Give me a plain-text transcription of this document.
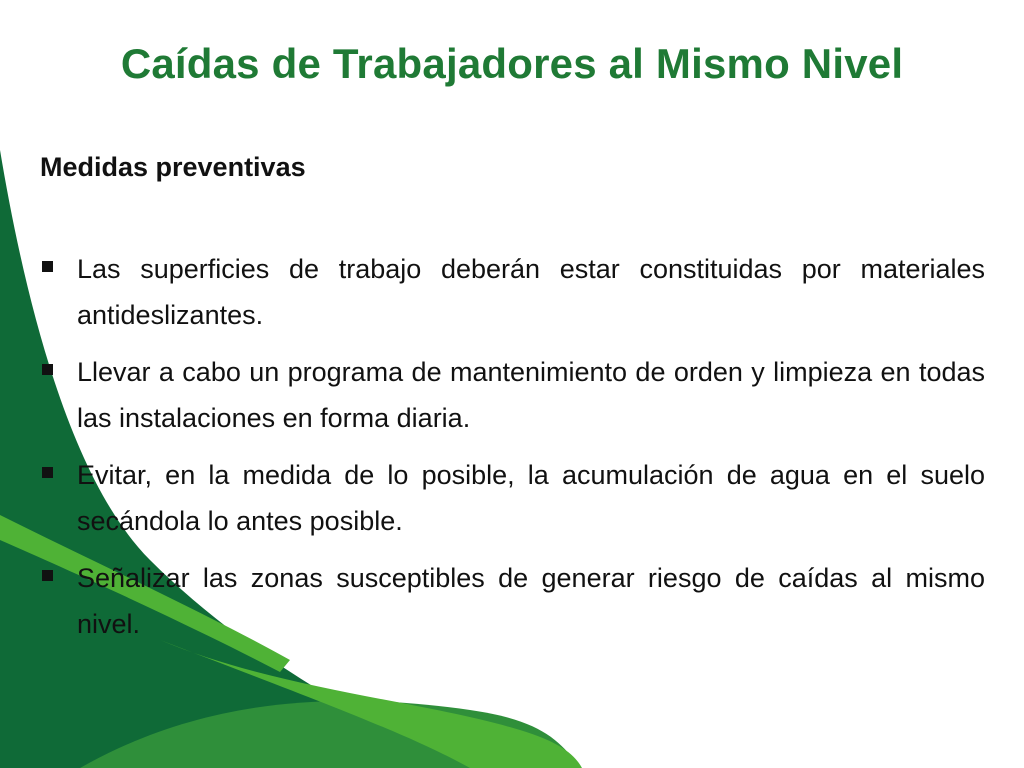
Caídas de Trabajadores al Mismo Nivel
Medidas preventivas
Las superficies de trabajo deberán estar constituidas por materiales antideslizantes.
Llevar a cabo un programa de mantenimiento de orden y limpieza en todas las instalaciones en forma diaria.
Evitar, en la medida de lo posible, la acumulación de agua en el suelo secándola lo antes posible.
Señalizar las zonas susceptibles de generar riesgo de caídas al mismo nivel.
